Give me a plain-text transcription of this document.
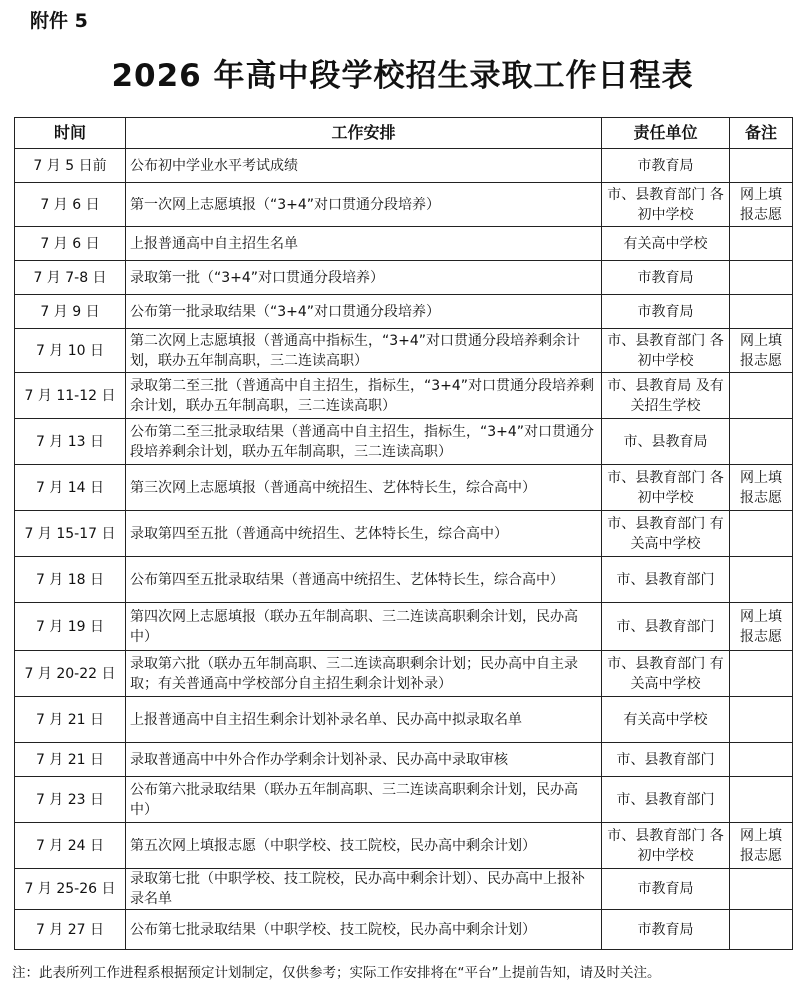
附件 5
2026 年高中段学校招生录取工作日程表
时间	工作安排	责任单位	备注
7 月 5 日前	公布初中学业水平考试成绩	市教育局	
7 月 6 日	第一次网上志愿填报（“3+4”对口贯通分段培养）	市、县教育部门 各初中学校	网上填报志愿
7 月 6 日	上报普通高中自主招生名单	有关高中学校	
7 月 7-8 日	录取第一批（“3+4”对口贯通分段培养）	市教育局	
7 月 9 日	公布第一批录取结果（“3+4”对口贯通分段培养）	市教育局	
7 月 10 日	第二次网上志愿填报（普通高中指标生，“3+4”对口贯通分段培养剩余计划，联办五年制高职，三二连读高职）	市、县教育部门 各初中学校	网上填报志愿
7 月 11-12 日	录取第二至三批（普通高中自主招生，指标生，“3+4”对口贯通分段培养剩余计划，联办五年制高职，三二连读高职）	市、县教育局 及有关招生学校	
7 月 13 日	公布第二至三批录取结果（普通高中自主招生，指标生，“3+4”对口贯通分段培养剩余计划，联办五年制高职，三二连读高职）	市、县教育局	
7 月 14 日	第三次网上志愿填报（普通高中统招生、艺体特长生，综合高中）	市、县教育部门 各初中学校	网上填报志愿
7 月 15-17 日	录取第四至五批（普通高中统招生、艺体特长生，综合高中）	市、县教育部门 有关高中学校	
7 月 18 日	公布第四至五批录取结果（普通高中统招生、艺体特长生，综合高中）	市、县教育部门	
7 月 19 日	第四次网上志愿填报（联办五年制高职、三二连读高职剩余计划，民办高中）	市、县教育部门	网上填报志愿
7 月 20-22 日	录取第六批（联办五年制高职、三二连读高职剩余计划；民办高中自主录取；有关普通高中学校部分自主招生剩余计划补录）	市、县教育部门 有关高中学校	
7 月 21 日	上报普通高中自主招生剩余计划补录名单、民办高中拟录取名单	有关高中学校	
7 月 21 日	录取普通高中中外合作办学剩余计划补录、民办高中录取审核	市、县教育部门	
7 月 23 日	公布第六批录取结果（联办五年制高职、三二连读高职剩余计划，民办高中）	市、县教育部门	
7 月 24 日	第五次网上填报志愿（中职学校、技工院校，民办高中剩余计划）	市、县教育部门 各初中学校	网上填报志愿
7 月 25-26 日	录取第七批（中职学校、技工院校，民办高中剩余计划）、民办高中上报补录名单	市教育局	
7 月 27 日	公布第七批录取结果（中职学校、技工院校，民办高中剩余计划）	市教育局	
注：此表所列工作进程系根据预定计划制定，仅供参考；实际工作安排将在“平台”上提前告知，请及时关注。
